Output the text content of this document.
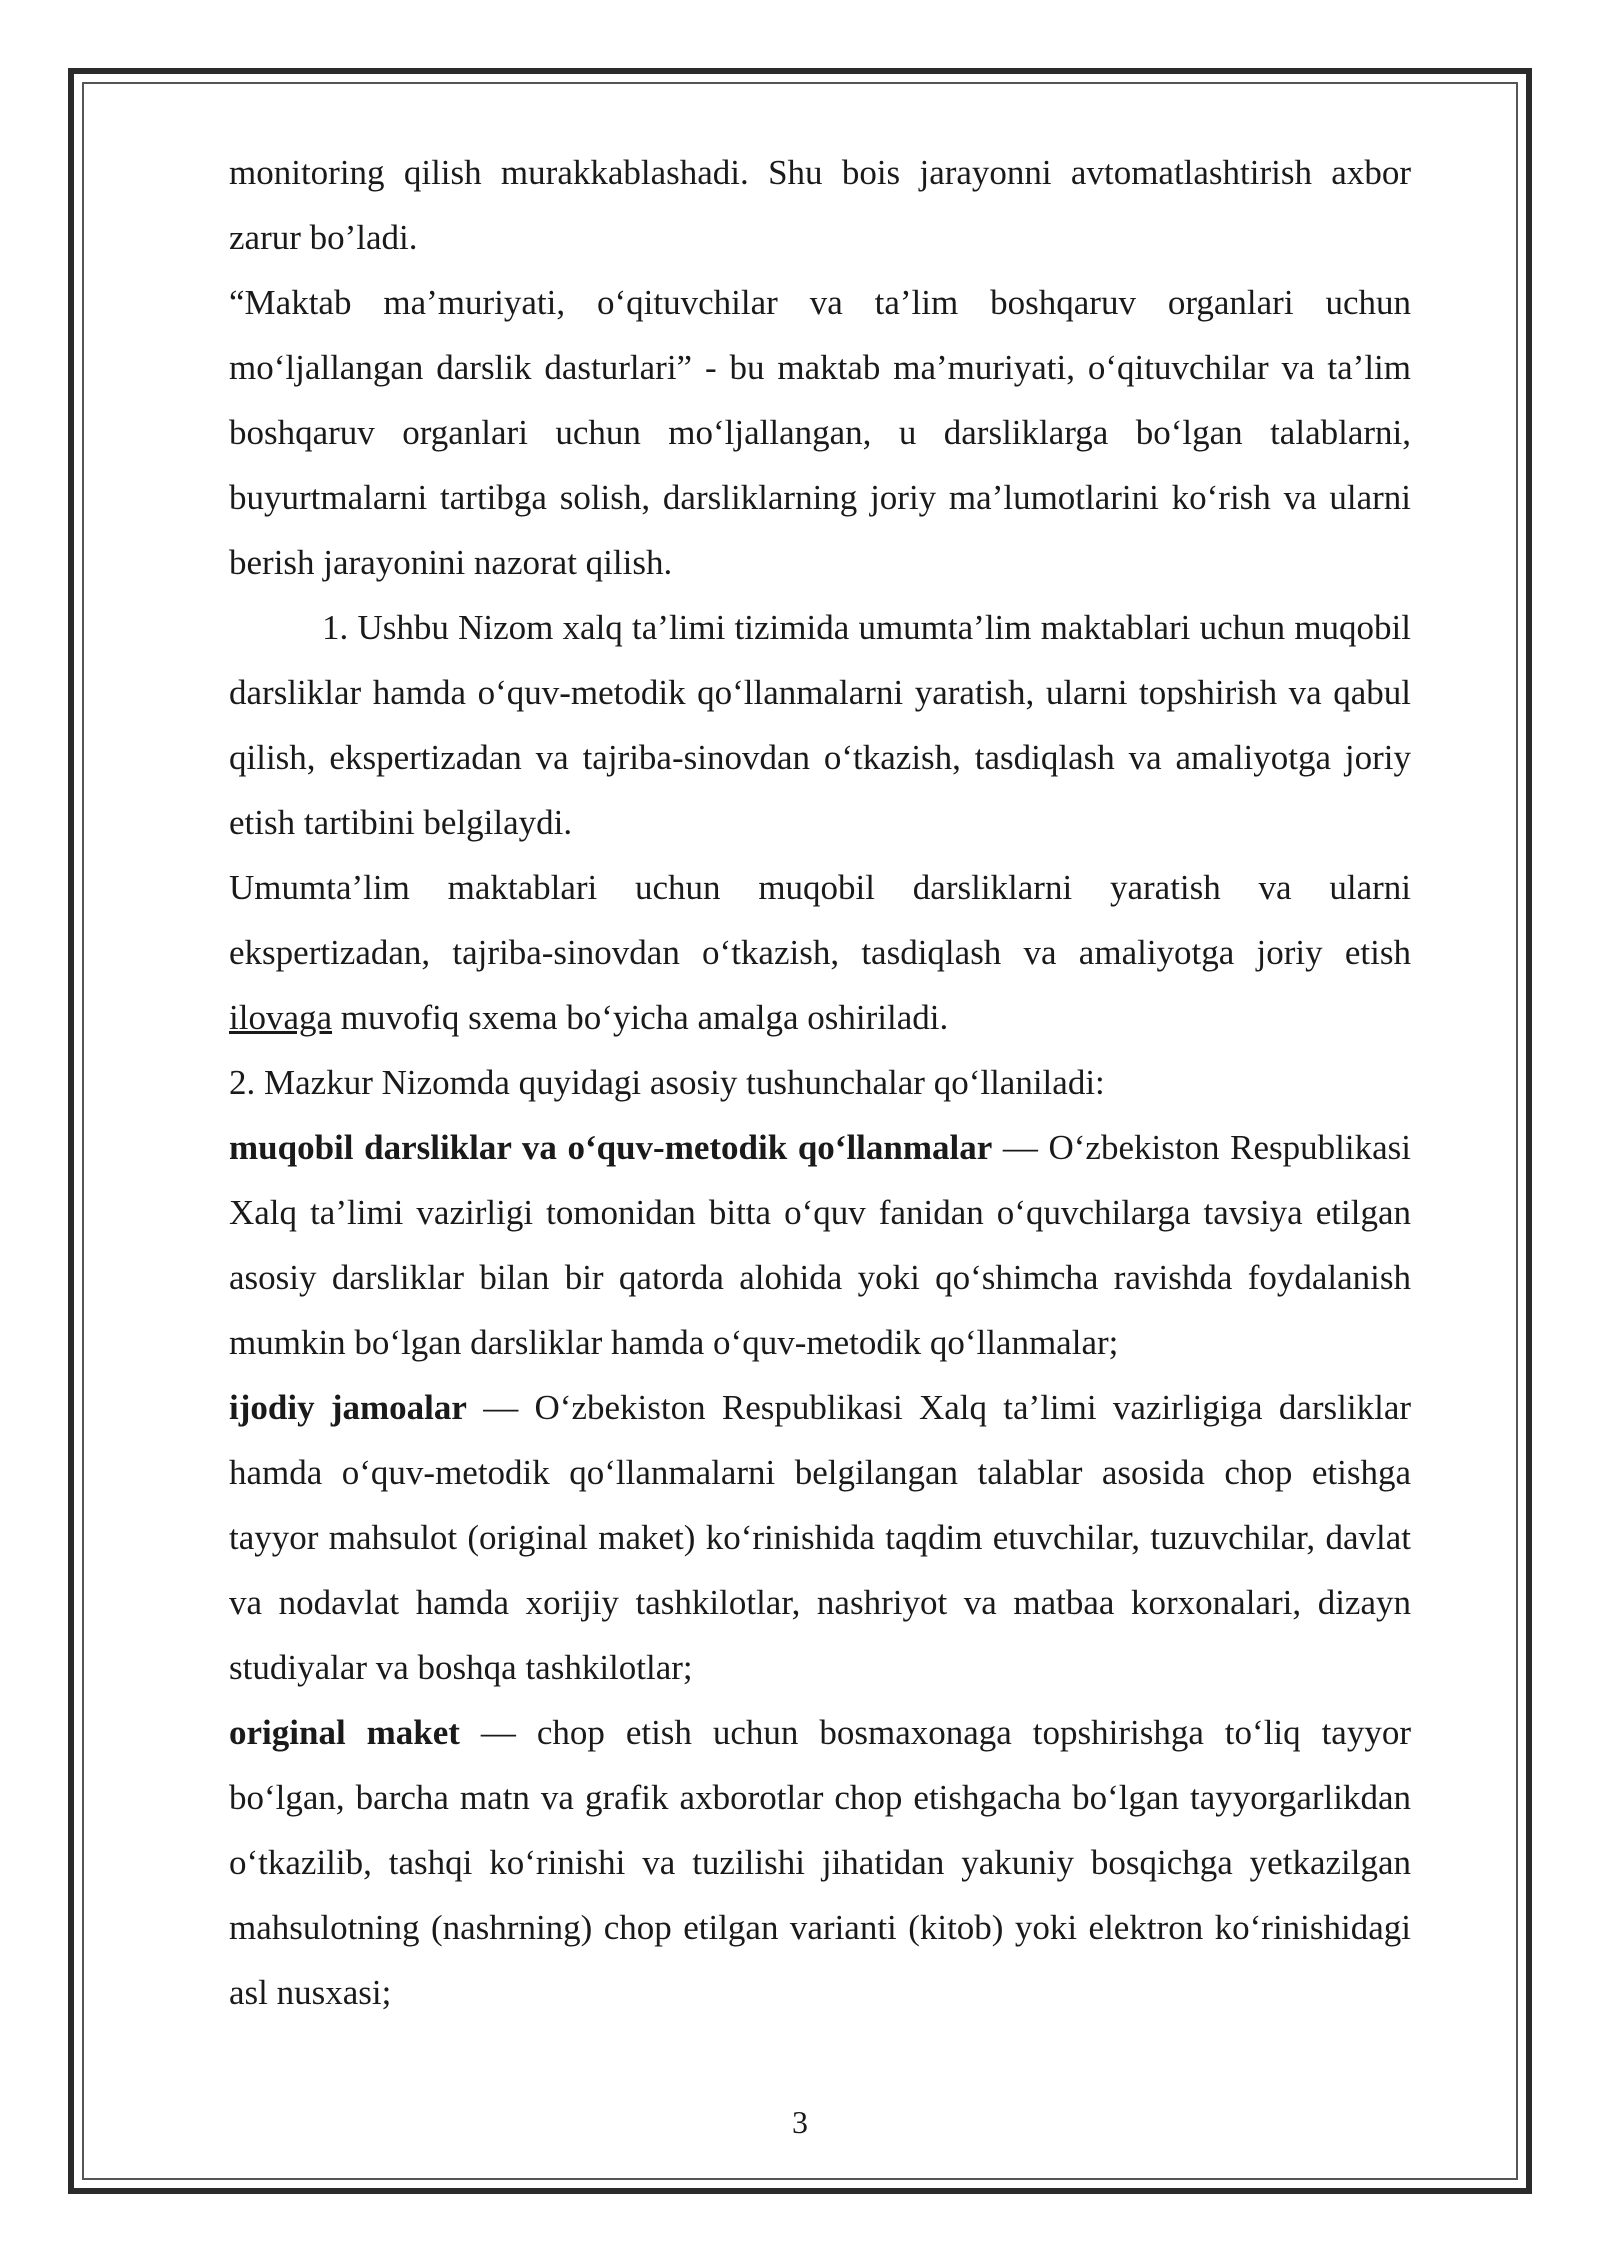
monitoring qilish murakkablashadi. Shu bois jarayonni avtomatlashtirish axbor zarur bo’ladi.

“Maktab ma’muriyati, o‘qituvchilar va ta’lim boshqaruv organlari uchun mo‘ljallangan darslik dasturlari” - bu maktab ma’muriyati, o‘qituvchilar va ta’lim boshqaruv organlari uchun mo‘ljallangan, u darsliklarga bo‘lgan talablarni, buyurtmalarni tartibga solish, darsliklarning joriy ma’lumotlarini ko‘rish va ularni berish jarayonini nazorat qilish.

1. Ushbu Nizom xalq ta’limi tizimida umumta’lim maktablari uchun muqobil darsliklar hamda o‘quv-metodik qo‘llanmalarni yaratish, ularni topshirish va qabul qilish, ekspertizadan va tajriba-sinovdan o‘tkazish, tasdiqlash va amaliyotga joriy etish tartibini belgilaydi.

Umumta’lim maktablari uchun muqobil darsliklarni yaratish va ularni ekspertizadan, tajriba-sinovdan o‘tkazish, tasdiqlash va amaliyotga joriy etish ilovaga muvofiq sxema bo‘yicha amalga oshiriladi.

2. Mazkur Nizomda quyidagi asosiy tushunchalar qo‘llaniladi:

muqobil darsliklar va o‘quv-metodik qo‘llanmalar — O‘zbekiston Respublikasi Xalq ta’limi vazirligi tomonidan bitta o‘quv fanidan o‘quvchilarga tavsiya etilgan asosiy darsliklar bilan bir qatorda alohida yoki qo‘shimcha ravishda foydalanish mumkin bo‘lgan darsliklar hamda o‘quv-metodik qo‘llanmalar;

ijodiy jamoalar — O‘zbekiston Respublikasi Xalq ta’limi vazirligiga darsliklar hamda o‘quv-metodik qo‘llanmalarni belgilangan talablar asosida chop etishga tayyor mahsulot (original maket) ko‘rinishida taqdim etuvchilar, tuzuvchilar, davlat va nodavlat hamda xorijiy tashkilotlar, nashriyot va matbaa korxonalari, dizayn studiyalar va boshqa tashkilotlar;

original maket — chop etish uchun bosmaxonaga topshirishga to‘liq tayyor bo‘lgan, barcha matn va grafik axborotlar chop etishgacha bo‘lgan tayyorgarlikdan o‘tkazilib, tashqi ko‘rinishi va tuzilishi jihatidan yakuniy bosqichga yetkazilgan mahsulotning (nashrning) chop etilgan varianti (kitob) yoki elektron ko‘rinishidagi asl nusxasi;

3
